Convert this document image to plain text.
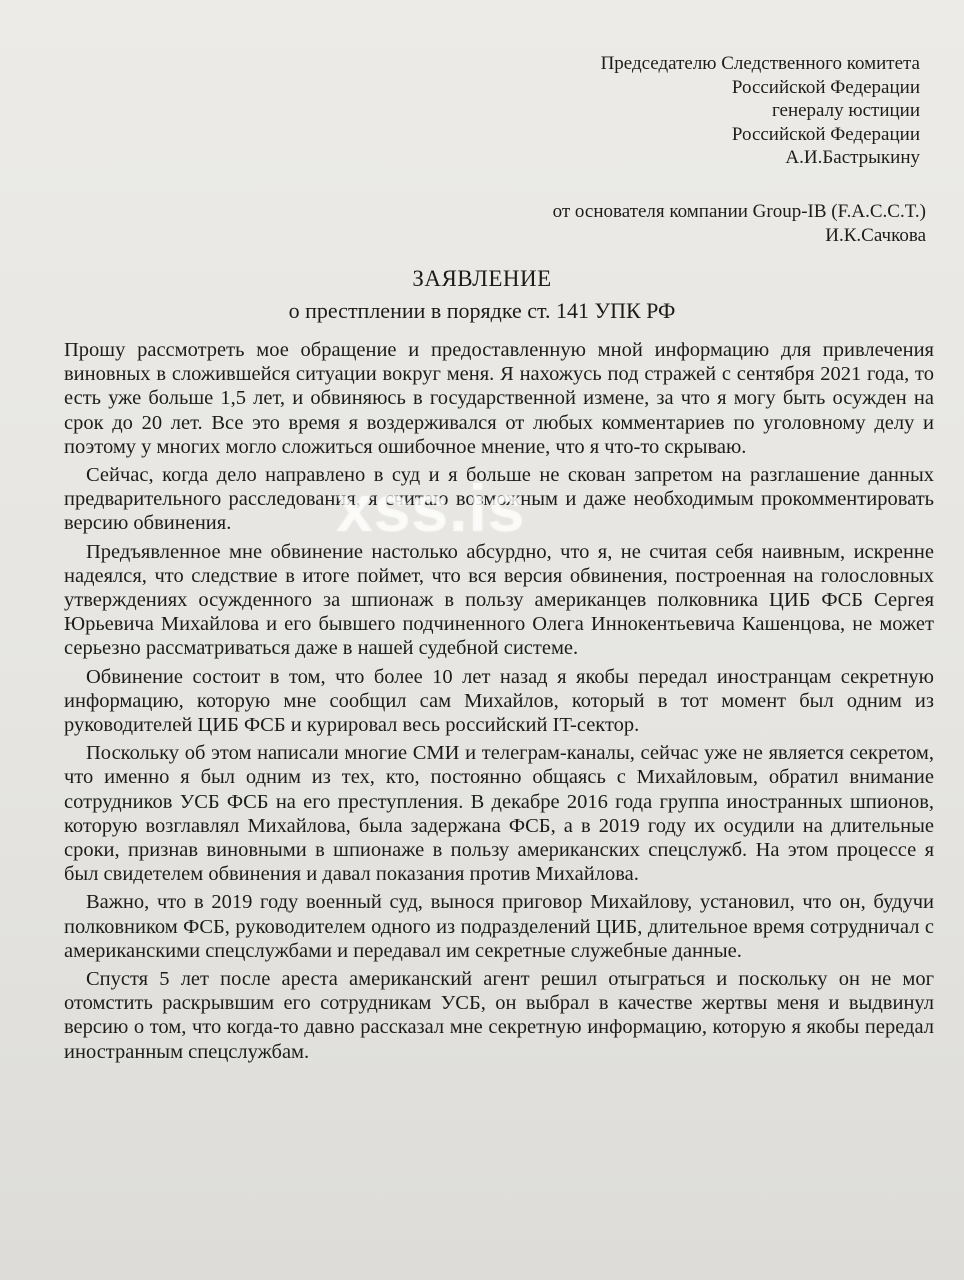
Председателю Следственного комитета
Российской Федерации
генералу юстиции
Российской Федерации
А.И.Бастрыкину
от основателя компании Group-IB (F.A.C.C.T.)
И.К.Сачкова
ЗАЯВЛЕНИЕ
о престплении в порядке ст. 141 УПК РФ

Прошу рассмотреть мое обращение и предоставленную мной информацию для привлечения виновных в сложившейся ситуации вокруг меня. Я нахожусь под стражей с сентября 2021 года, то есть уже больше 1,5 лет, и обвиняюсь в государственной измене, за что я могу быть осужден на срок до 20 лет. Все это время я воздерживался от любых комментариев по уголовному делу и поэтому у многих могло сложиться ошибочное мнение, что я что-то скрываю.

Сейчас, когда дело направлено в суд и я больше не скован запретом на разглашение данных предварительного расследования, я считаю возможным и даже необходимым прокомментировать версию обвинения.

Предъявленное мне обвинение настолько абсурдно, что я, не считая себя наивным, искренне надеялся, что следствие в итоге поймет, что вся версия обвинения, построенная на голословных утверждениях осужденного за шпионаж в пользу американцев полковника ЦИБ ФСБ Сергея Юрьевича Михайлова и его бывшего подчиненного Олега Иннокентьевича Кашенцова, не может серьезно рассматриваться даже в нашей судебной системе.

Обвинение состоит в том, что более 10 лет назад я якобы передал иностранцам секретную информацию, которую мне сообщил сам Михайлов, который в тот момент был одним из руководителей ЦИБ ФСБ и курировал весь российский IT-сектор.

Поскольку об этом написали многие СМИ и телеграм-каналы, сейчас уже не является секретом, что именно я был одним из тех, кто, постоянно общаясь с Михайловым, обратил внимание сотрудников УСБ ФСБ на его преступления. В декабре 2016 года группа иностранных шпионов, которую возглавлял Михайлова, была задержана ФСБ, а в 2019 году их осудили на длительные сроки, признав виновными в шпионаже в пользу американских спецслужб. На этом процессе я был свидетелем обвинения и давал показания против Михайлова.

Важно, что в 2019 году военный суд, вынося приговор Михайлову, установил, что он, будучи полковником ФСБ, руководителем одного из подразделений ЦИБ, длительное время сотрудничал с американскими спецслужбами и передавал им секретные служебные данные.

Спустя 5 лет после ареста американский агент решил отыграться и поскольку он не мог отомстить раскрывшим его сотрудникам УСБ, он выбрал в качестве жертвы меня и выдвинул версию о том, что когда-то давно рассказал мне секретную информацию, которую я якобы передал иностранным спецслужбам.

xss.is
